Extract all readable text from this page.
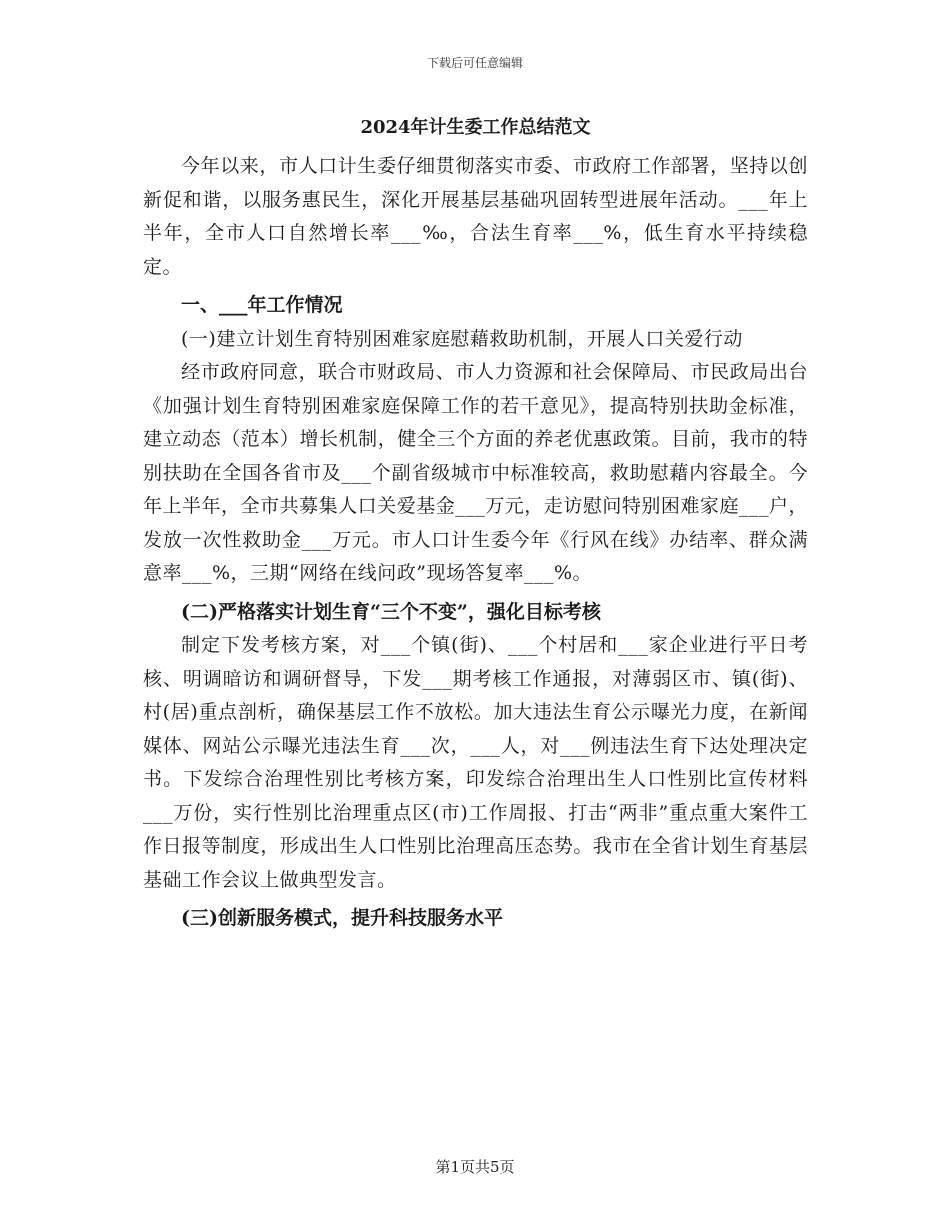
下载后可任意编辑
2024年计生委工作总结范文

今年以来，市人口计生委仔细贯彻落实市委、市政府工作部署，坚持以创新促和谐，以服务惠民生，深化开展基层基础巩固转型进展年活动。___年上半年，全市人口自然增长率___‰，合法生育率___%，低生育水平持续稳定。

一、___年工作情况

(一)建立计划生育特别困难家庭慰藉救助机制，开展人口关爱行动

经市政府同意，联合市财政局、市人力资源和社会保障局、市民政局出台《加强计划生育特别困难家庭保障工作的若干意见》，提高特别扶助金标准，建立动态（范本）增长机制，健全三个方面的养老优惠政策。目前，我市的特别扶助在全国各省市及___个副省级城市中标准较高，救助慰藉内容最全。今年上半年，全市共募集人口关爱基金___万元，走访慰问特别困难家庭___户，发放一次性救助金___万元。市人口计生委今年《行风在线》办结率、群众满意率___%，三期“网络在线问政”现场答复率___%。

(二)严格落实计划生育“三个不变”，强化目标考核

制定下发考核方案，对___个镇(街)、___个村居和___家企业进行平日考核、明调暗访和调研督导，下发___期考核工作通报，对薄弱区市、镇(街)、村(居)重点剖析，确保基层工作不放松。加大违法生育公示曝光力度，在新闻媒体、网站公示曝光违法生育___次，___人，对___例违法生育下达处理决定书。下发综合治理性别比考核方案，印发综合治理出生人口性别比宣传材料___万份，实行性别比治理重点区(市)工作周报、打击“两非”重点重大案件工作日报等制度，形成出生人口性别比治理高压态势。我市在全省计划生育基层基础工作会议上做典型发言。

(三)创新服务模式，提升科技服务水平

第1页共5页
